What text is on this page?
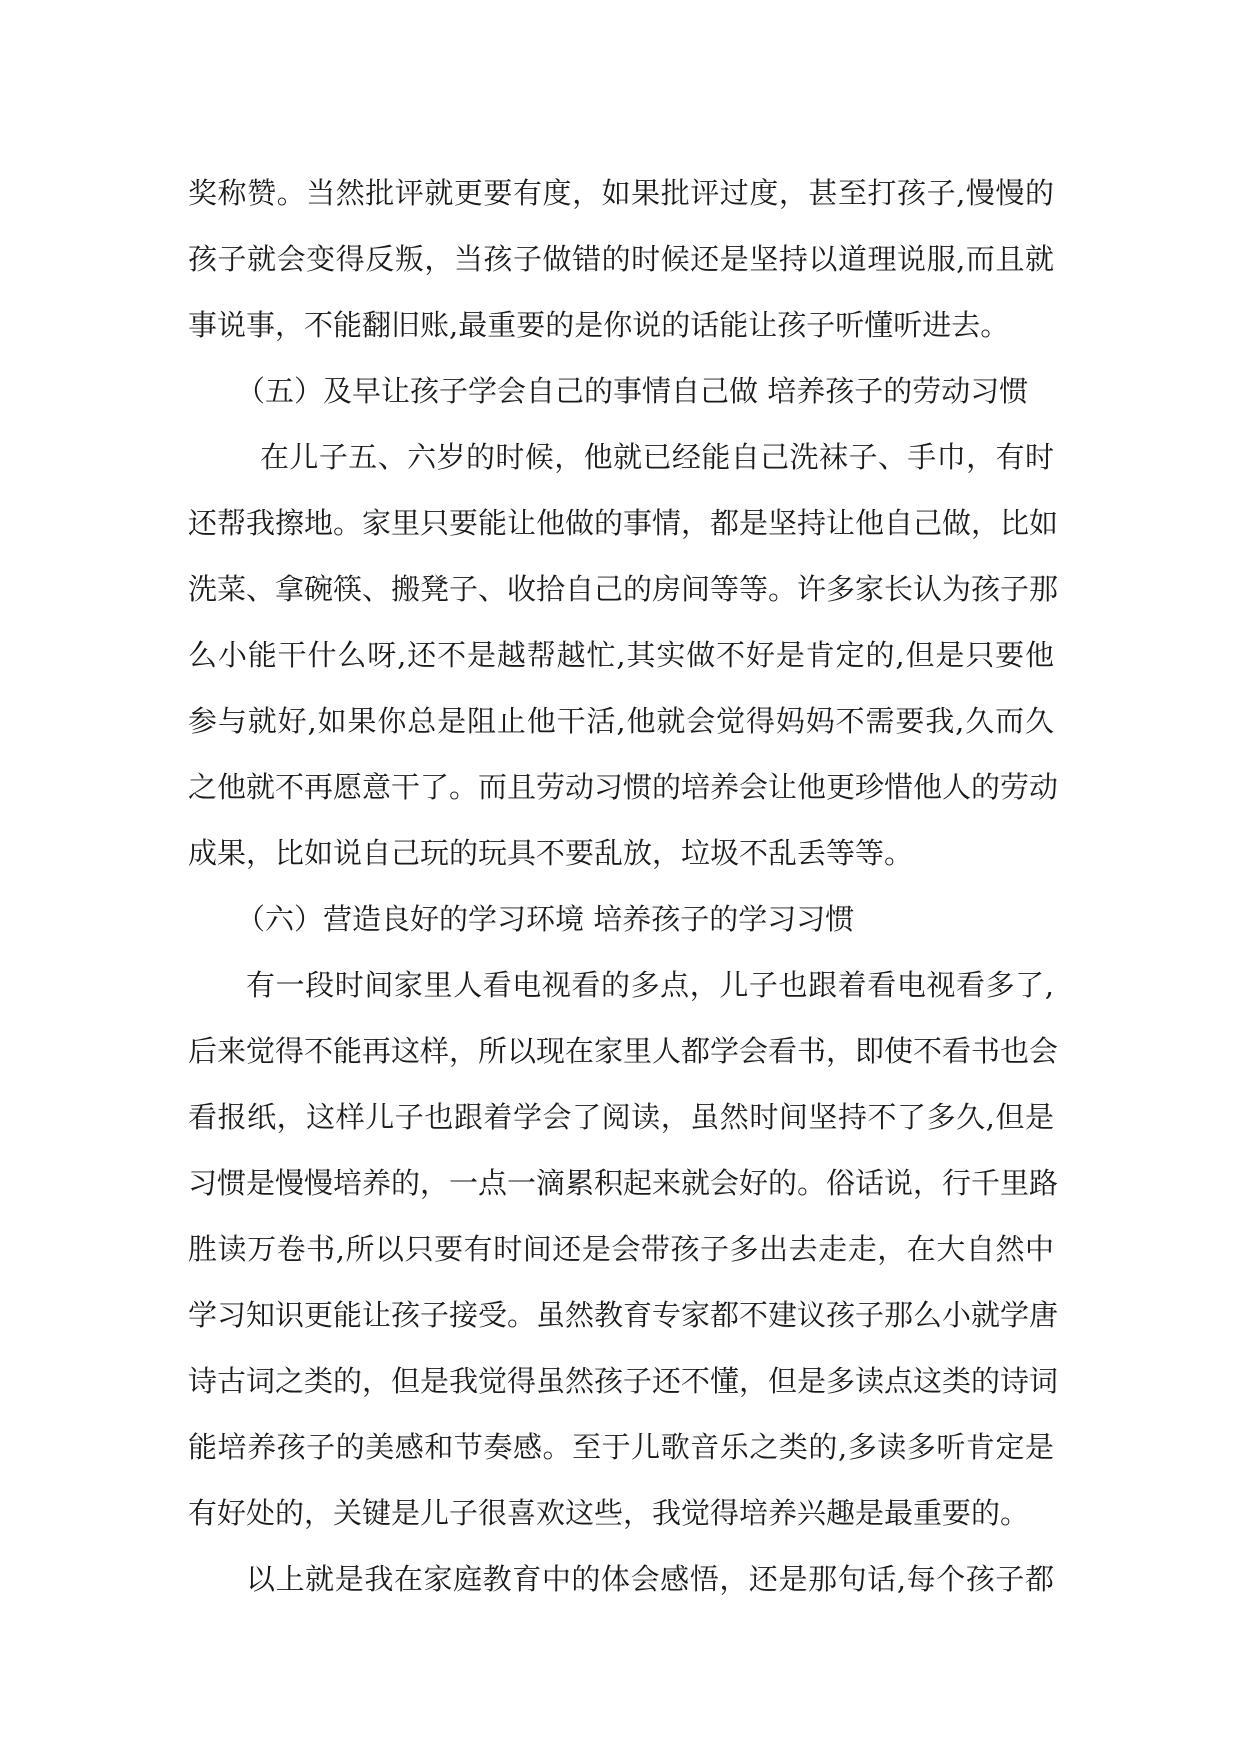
奖称赞。当然批评就更要有度，如果批评过度，甚至打孩子,慢慢的
孩子就会变得反叛，当孩子做错的时候还是坚持以道理说服,而且就
事说事，不能翻旧账,最重要的是你说的话能让孩子听懂听进去。
（五）及早让孩子学会自己的事情自己做 培养孩子的劳动习惯
在儿子五、六岁的时候，他就已经能自己洗袜子、手巾，有时
还帮我擦地。家里只要能让他做的事情，都是坚持让他自己做，比如
洗菜、拿碗筷、搬凳子、收拾自己的房间等等。许多家长认为孩子那
么小能干什么呀,还不是越帮越忙,其实做不好是肯定的,但是只要他
参与就好,如果你总是阻止他干活,他就会觉得妈妈不需要我,久而久
之他就不再愿意干了。而且劳动习惯的培养会让他更珍惜他人的劳动
成果，比如说自己玩的玩具不要乱放，垃圾不乱丢等等。
（六）营造良好的学习环境 培养孩子的学习习惯
有一段时间家里人看电视看的多点，儿子也跟着看电视看多了,
后来觉得不能再这样，所以现在家里人都学会看书，即使不看书也会
看报纸，这样儿子也跟着学会了阅读，虽然时间坚持不了多久,但是
习惯是慢慢培养的，一点一滴累积起来就会好的。俗话说，行千里路
胜读万卷书,所以只要有时间还是会带孩子多出去走走，在大自然中
学习知识更能让孩子接受。虽然教育专家都不建议孩子那么小就学唐
诗古词之类的，但是我觉得虽然孩子还不懂，但是多读点这类的诗词
能培养孩子的美感和节奏感。至于儿歌音乐之类的,多读多听肯定是
有好处的，关键是儿子很喜欢这些，我觉得培养兴趣是最重要的。
以上就是我在家庭教育中的体会感悟，还是那句话,每个孩子都
